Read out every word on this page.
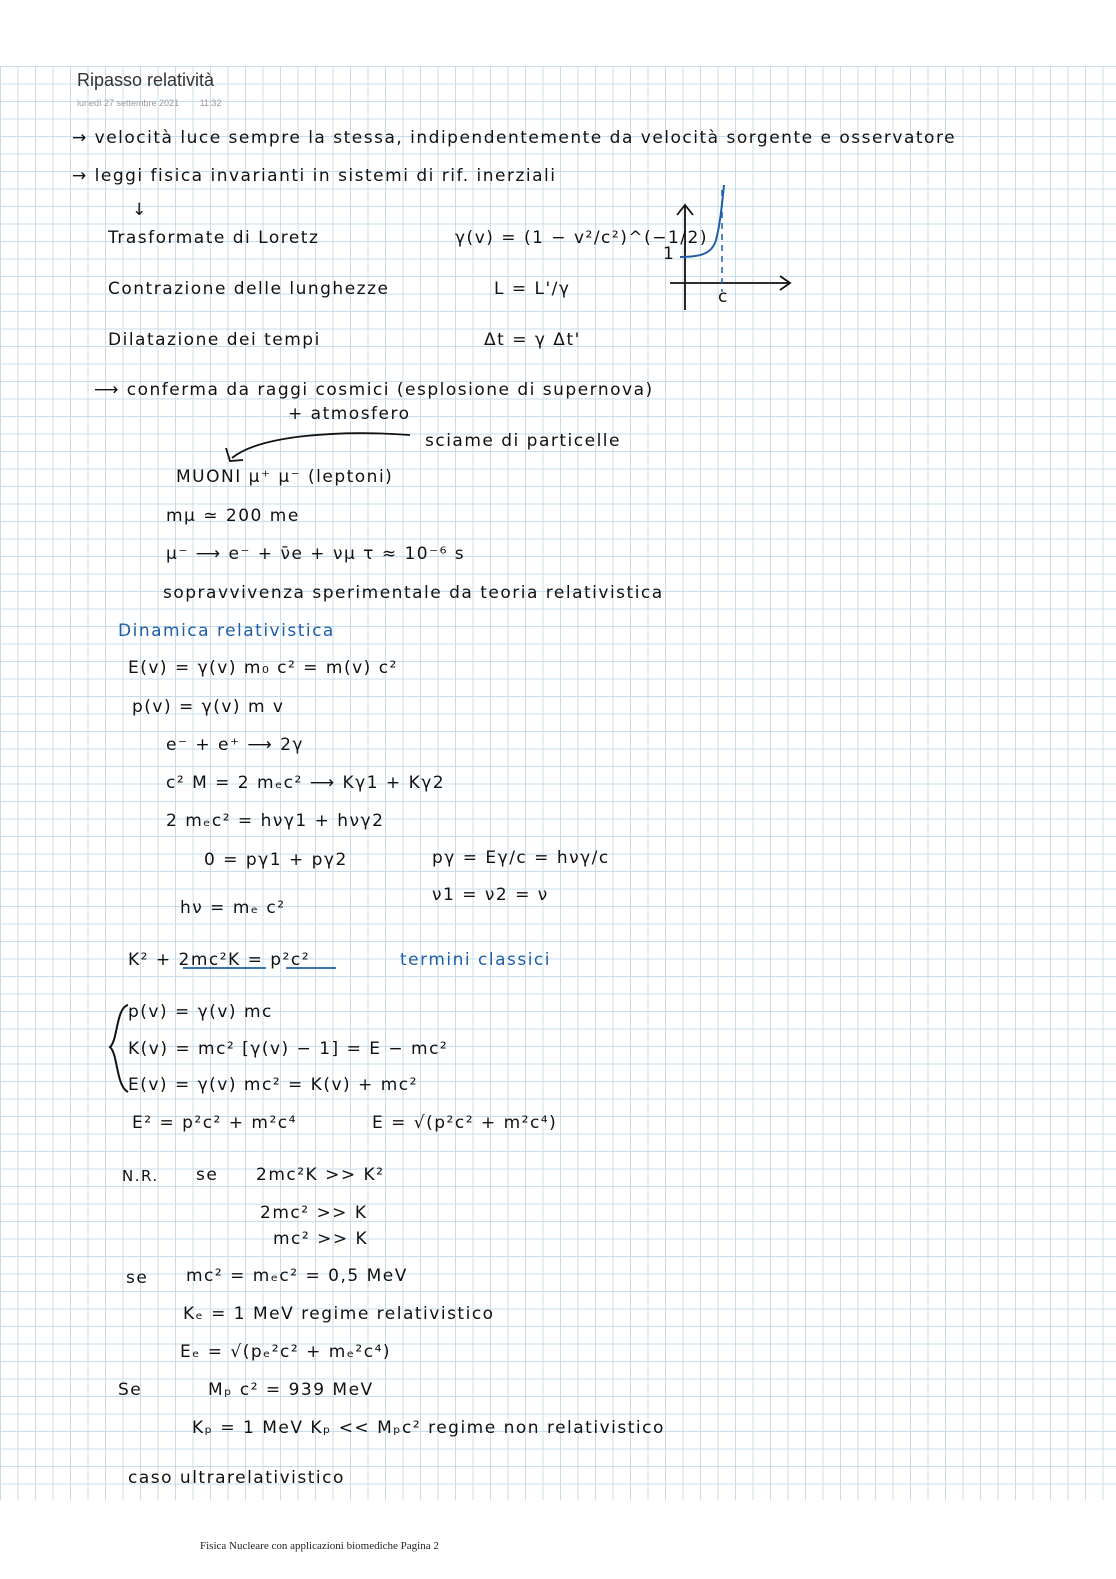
Ripasso relatività
lunedì 27 settembre 2021 11:32
1
c
→ velocità luce sempre la stessa, indipendentemente da velocità sorgente e osservatore
→ leggi fisica invarianti in sistemi di rif. inerziali
↓
Trasformate di Loretz	γ(v) = (1 − v²/c²)^(−1/2)
Contrazione delle lunghezze	L = L'/γ
Dilatazione dei tempi	Δt = γ Δt'
⟶ conferma da raggi cosmici (esplosione di supernova)
+ atmosfero
sciame di particelle
MUONI μ⁺ μ⁻ (leptoni)
mμ ≃ 200 me
μ⁻ ⟶ e⁻ + ν̄e + νμ τ ≈ 10⁻⁶ s
sopravvivenza sperimentale da teoria relativistica
Dinamica relativistica
E(v) = γ(v) m₀ c² = m(v) c²
p(v) = γ(v) m v
e⁻ + e⁺ ⟶ 2γ
c² M = 2 mₑc² ⟶ Kγ1 + Kγ2
2 mₑc² = hνγ1 + hνγ2
0 = pγ1 + pγ2	pγ = Eγ/c = hνγ/c
ν1 = ν2 = ν
hν = mₑ c²
K² + 2mc²K = p²c²	termini classici
p(v) = γ(v) mc
K(v) = mc² [γ(v) − 1] = E − mc²
E(v) = γ(v) mc² = K(v) + mc²
E² = p²c² + m²c⁴	E = √(p²c² + m²c⁴)
N.R. se 2mc²K >> K²
2mc² >> K
mc² >> K
se mc² = mₑc² = 0,5 MeV
Kₑ = 1 MeV regime relativistico
Eₑ = √(pₑ²c² + mₑ²c⁴)
Se	Mₚ c² = 939 MeV
Kₚ = 1 MeV Kₚ << Mₚc² regime non relativistico
caso ultrarelativistico
Fisica Nucleare con applicazioni biomediche Pagina 2
